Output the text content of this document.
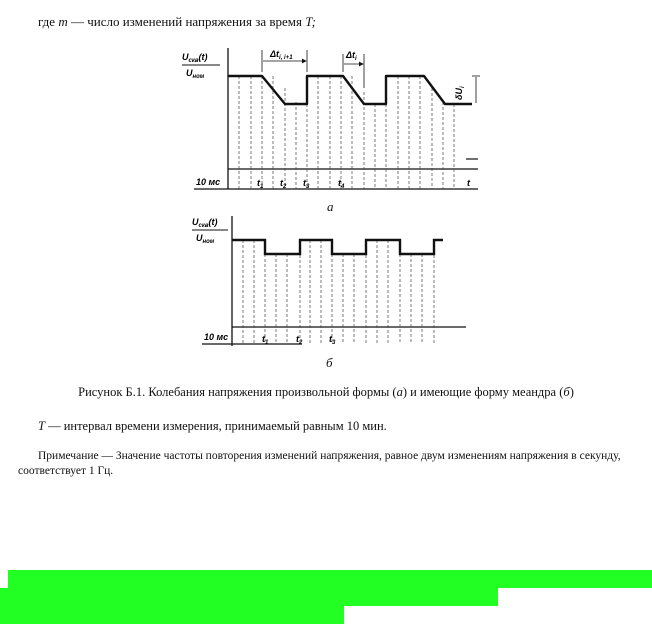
где m — число изменений напряжения за время T;
$U_{скв}(t)$
$U_{ном}$
$\Delta t_{i, i+1}$	$\Delta t_i$
$\delta U_i$
10 мс	$t_1$ $t_2$ $t_3$	$t_4$	t
а
$U_{скв}(t)$
$U_{ном}$
10 мс	$t_1$	$t_2$	$t_3$
б
Рисунок Б.1. Колебания напряжения произвольной формы (а) и имеющие форму меандра (б)
T — интервал времени измерения, принимаемый равным 10 мин.
Примечание — Значение частоты повторения изменений напряжения, равное двум изменениям напряжения в секунду, соответствует 1 Гц.
